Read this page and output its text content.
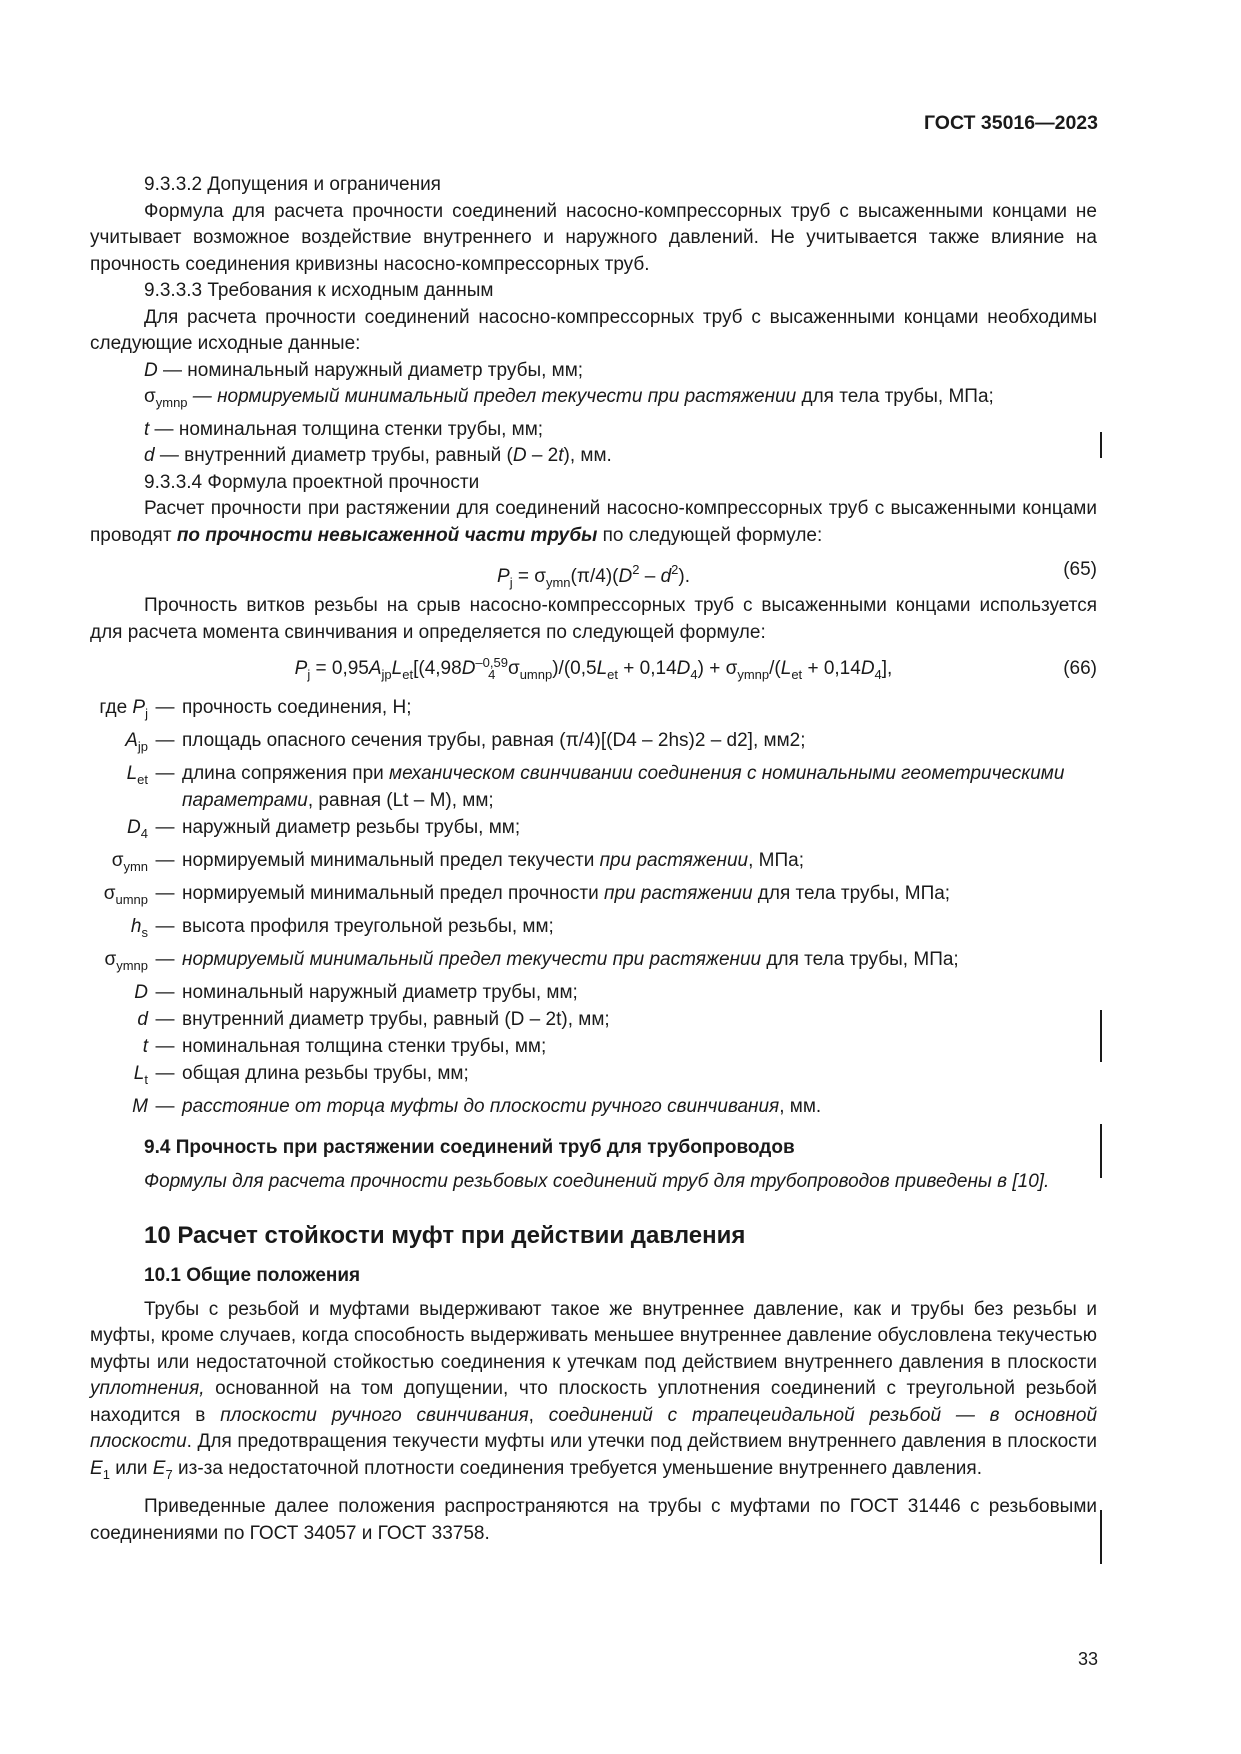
ГОСТ 35016—2023

9.3.3.2 Допущения и ограничения

Формула для расчета прочности соединений насосно-компрессорных труб с высаженными концами не учитывает возможное воздействие внутреннего и наружного давлений. Не учитывается также влияние на прочность соединения кривизны насосно-компрессорных труб.

9.3.3.3 Требования к исходным данным

Для расчета прочности соединений насосно-компрессорных труб с высаженными концами необходимы следующие исходные данные:

D — номинальный наружный диаметр трубы, мм;

$\sigma_{ymnp}$ — нормируемый минимальный предел текучести при растяжении для тела трубы, МПа;

t — номинальная толщина стенки трубы, мм;

d — внутренний диаметр трубы, равный (D – 2t), мм.

9.3.3.4 Формула проектной прочности

Расчет прочности при растяжении для соединений насосно-компрессорных труб с высаженными концами проводят по прочности невысаженной части трубы по следующей формуле:

$P_j = \sigma_{ymn}(\pi/4)(D^2 - d^2)$.	(65)

Прочность витков резьбы на срыв насосно-компрессорных труб с высаженными концами используется для расчета момента свинчивания и определяется по следующей формуле:

$P_j = 0,95A_{jp}L_{et}[(4,98D$ –0,59
4 $\sigma_{umnp})/(0,5L_{et} + 0,14D_4) + \sigma_{ymnp}/(L_{et} + 0,14D_4]$,	(66)
где $P_j$ — прочность соединения, Н;
$A_{jp}$ — площадь опасного сечения трубы, равная (π/4)[(D4 – 2hs)2 – d2], мм2;
$L_{et}$ — длина сопряжения при механическом свинчивании соединения с номинальными геометрическими параметрами, равная (Lt – M), мм;
$D_4$ — наружный диаметр резьбы трубы, мм;
$\sigma_{ymn}$ — нормируемый минимальный предел текучести при растяжении, МПа;
$\sigma_{umnp}$ — нормируемый минимальный предел прочности при растяжении для тела трубы, МПа;
$h_s$ — высота профиля треугольной резьбы, мм;
$\sigma_{ymnp}$ — нормируемый минимальный предел текучести при растяжении для тела трубы, МПа;
D — номинальный наружный диаметр трубы, мм;
d — внутренний диаметр трубы, равный (D – 2t), мм;
t — номинальная толщина стенки трубы, мм;
$L_t$ — общая длина резьбы трубы, мм;
M — расстояние от торца муфты до плоскости ручного свинчивания, мм.

9.4 Прочность при растяжении соединений труб для трубопроводов

Формулы для расчета прочности резьбовых соединений труб для трубопроводов приведены в [10].

10 Расчет стойкости муфт при действии давления

10.1 Общие положения

Трубы с резьбой и муфтами выдерживают такое же внутреннее давление, как и трубы без резьбы и муфты, кроме случаев, когда способность выдерживать меньшее внутреннее давление обусловлена текучестью муфты или недостаточной стойкостью соединения к утечкам под действием внутреннего давления в плоскости уплотнения, основанной на том допущении, что плоскость уплотнения соединений с треугольной резьбой находится в плоскости ручного свинчивания, соединений с трапецеидальной резьбой — в основной плоскости. Для предотвращения текучести муфты или утечки под действием внутреннего давления в плоскости $E_1$ или $E_7$ из-за недостаточной плотности соединения требуется уменьшение внутреннего давления.

Приведенные далее положения распространяются на трубы с муфтами по ГОСТ 31446 с резьбовыми соединениями по ГОСТ 34057 и ГОСТ 33758.

33
